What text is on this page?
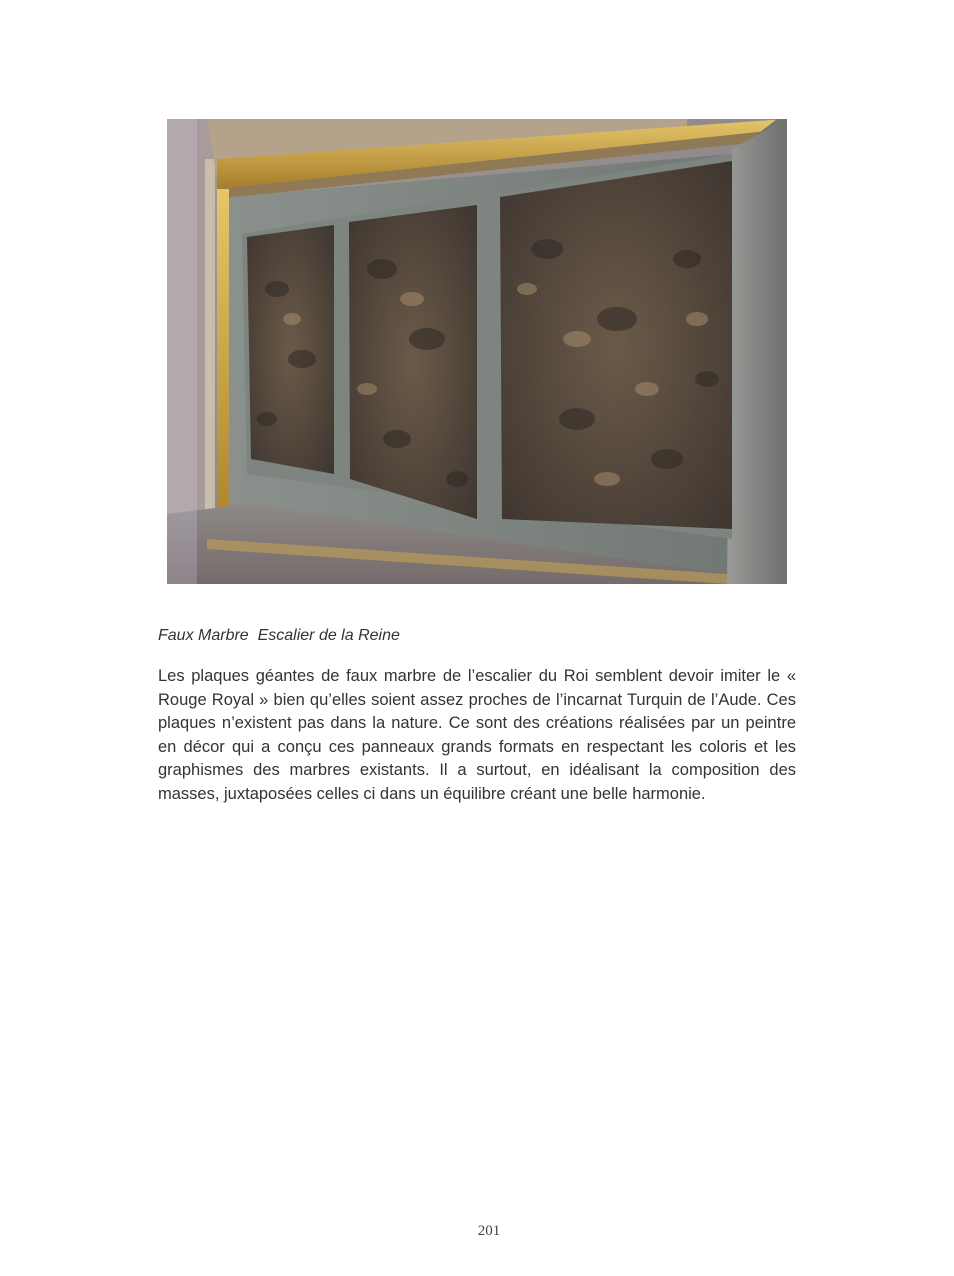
Faux Marbre  Escalier de la Reine

Les plaques géantes de faux marbre de l’escalier du Roi semblent devoir imiter le « Rouge Royal » bien qu’elles soient assez proches de l’incarnat Turquin de l’Aude. Ces plaques n’existent pas dans la nature. Ce sont des créations réalisées par un peintre en décor qui a conçu ces panneaux grands formats en respectant les coloris et les graphismes des marbres existants. Il a surtout, en idéalisant la composition des masses, juxtaposées celles ci dans un équilibre créant une belle harmonie.

201
